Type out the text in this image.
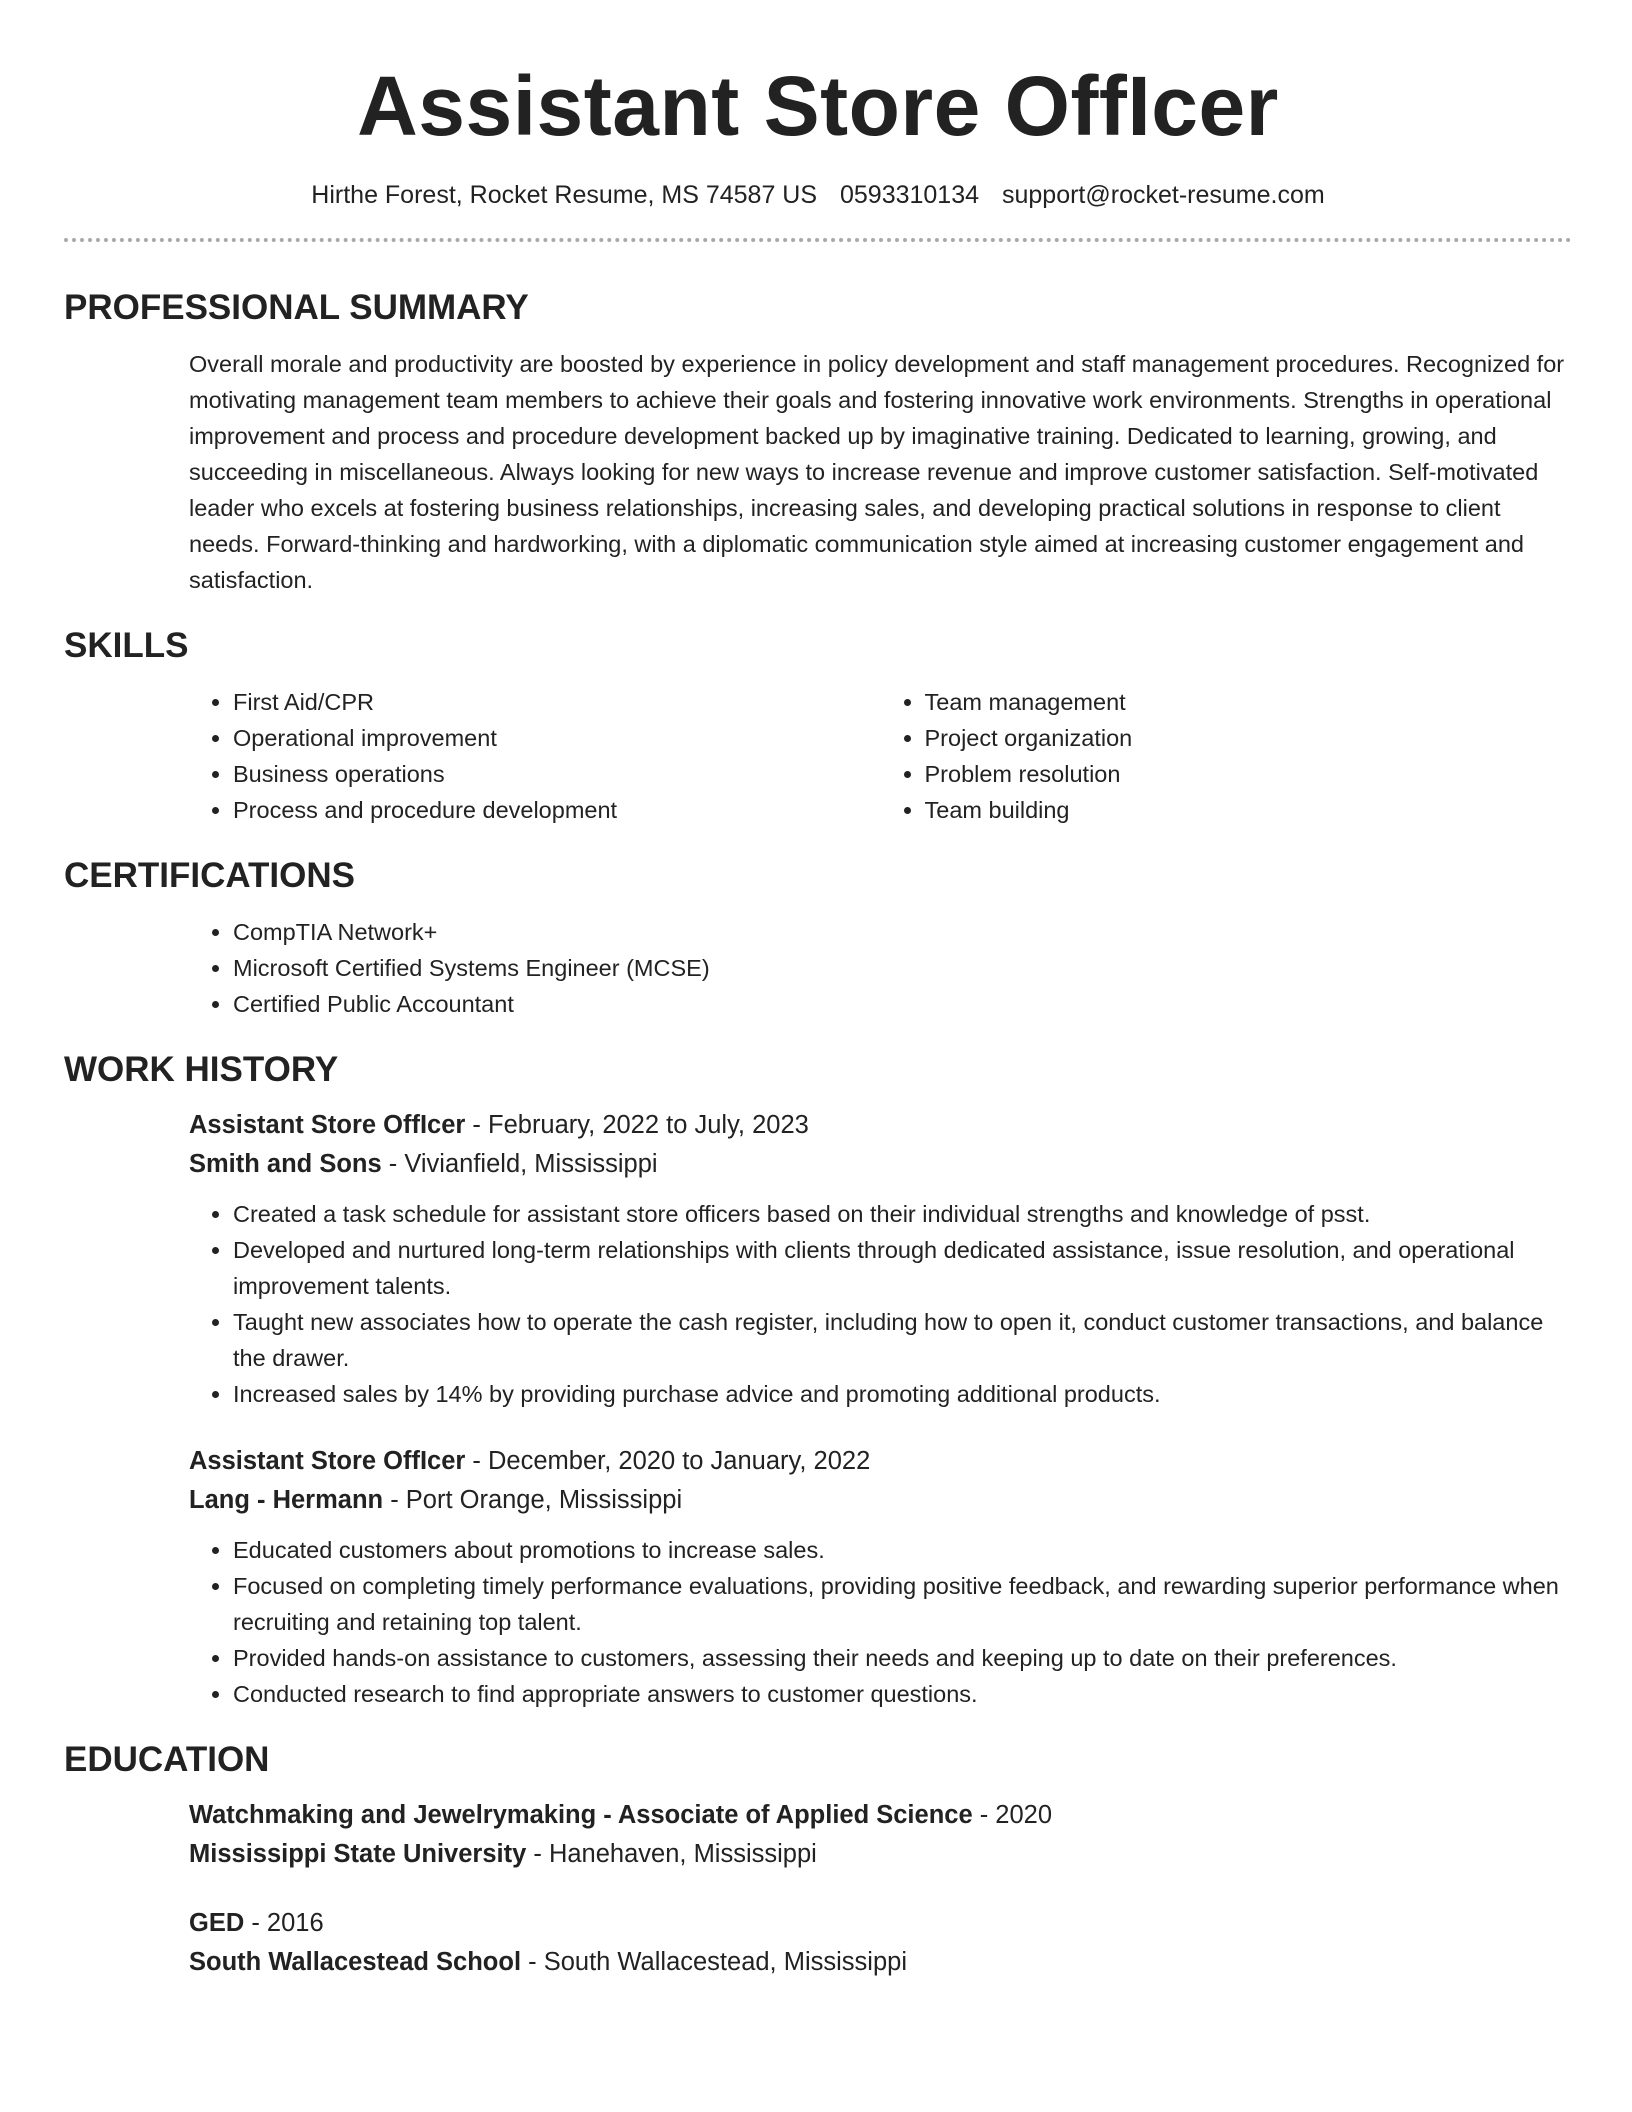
Assistant Store OffIcer
Hirthe Forest, Rocket Resume, MS 74587 US 0593310134 support@rocket-resume.com
PROFESSIONAL SUMMARY

Overall morale and productivity are boosted by experience in policy development and staff management procedures. Recognized for motivating management team members to achieve their goals and fostering innovative work environments. Strengths in operational improvement and process and procedure development backed up by imaginative training. Dedicated to learning, growing, and succeeding in miscellaneous. Always looking for new ways to increase revenue and improve customer satisfaction. Self-motivated leader who excels at fostering business relationships, increasing sales, and developing practical solutions in response to client needs. Forward-thinking and hardworking, with a diplomatic communication style aimed at increasing customer engagement and satisfaction.

SKILLS
• First Aid/CPR
• Operational improvement
• Business operations
• Process and procedure development
• Team management
• Project organization
• Problem resolution
• Team building
CERTIFICATIONS
• CompTIA Network+
• Microsoft Certified Systems Engineer (MCSE)
• Certified Public Accountant
WORK HISTORY
Assistant Store OffIcer - February, 2022 to July, 2023
Smith and Sons - Vivianfield, Mississippi
• Created a task schedule for assistant store officers based on their individual strengths and knowledge of psst.
• Developed and nurtured long-term relationships with clients through dedicated assistance, issue resolution, and operational improvement talents.
• Taught new associates how to operate the cash register, including how to open it, conduct customer transactions, and balance the drawer.
• Increased sales by 14% by providing purchase advice and promoting additional products.
Assistant Store OffIcer - December, 2020 to January, 2022
Lang - Hermann - Port Orange, Mississippi
• Educated customers about promotions to increase sales.
• Focused on completing timely performance evaluations, providing positive feedback, and rewarding superior performance when recruiting and retaining top talent.
• Provided hands-on assistance to customers, assessing their needs and keeping up to date on their preferences.
• Conducted research to find appropriate answers to customer questions.
EDUCATION
Watchmaking and Jewelrymaking - Associate of Applied Science - 2020
Mississippi State University - Hanehaven, Mississippi
GED - 2016
South Wallacestead School - South Wallacestead, Mississippi
